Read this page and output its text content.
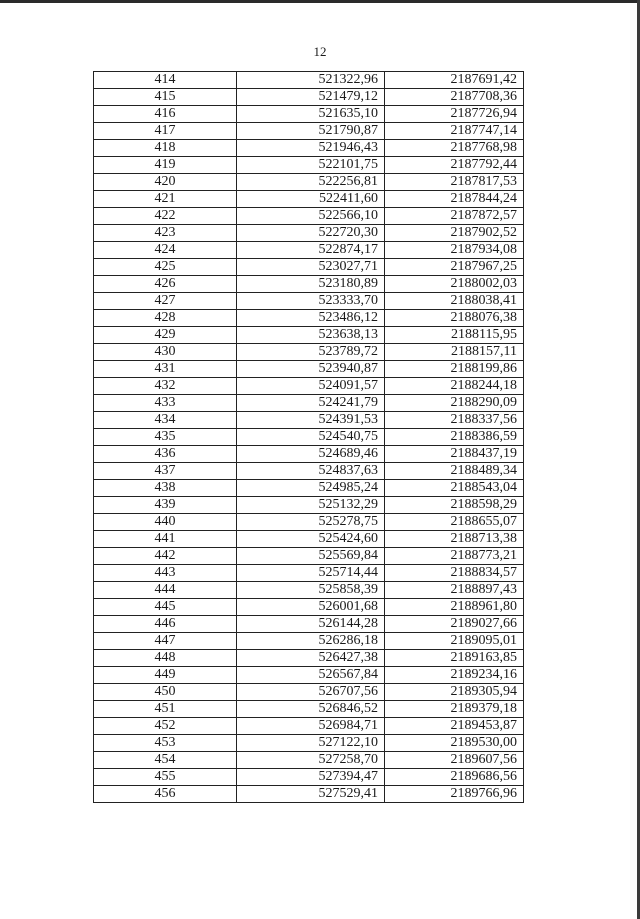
12
414	521322,96	2187691,42
415	521479,12	2187708,36
416	521635,10	2187726,94
417	521790,87	2187747,14
418	521946,43	2187768,98
419	522101,75	2187792,44
420	522256,81	2187817,53
421	522411,60	2187844,24
422	522566,10	2187872,57
423	522720,30	2187902,52
424	522874,17	2187934,08
425	523027,71	2187967,25
426	523180,89	2188002,03
427	523333,70	2188038,41
428	523486,12	2188076,38
429	523638,13	2188115,95
430	523789,72	2188157,11
431	523940,87	2188199,86
432	524091,57	2188244,18
433	524241,79	2188290,09
434	524391,53	2188337,56
435	524540,75	2188386,59
436	524689,46	2188437,19
437	524837,63	2188489,34
438	524985,24	2188543,04
439	525132,29	2188598,29
440	525278,75	2188655,07
441	525424,60	2188713,38
442	525569,84	2188773,21
443	525714,44	2188834,57
444	525858,39	2188897,43
445	526001,68	2188961,80
446	526144,28	2189027,66
447	526286,18	2189095,01
448	526427,38	2189163,85
449	526567,84	2189234,16
450	526707,56	2189305,94
451	526846,52	2189379,18
452	526984,71	2189453,87
453	527122,10	2189530,00
454	527258,70	2189607,56
455	527394,47	2189686,56
456	527529,41	2189766,96
